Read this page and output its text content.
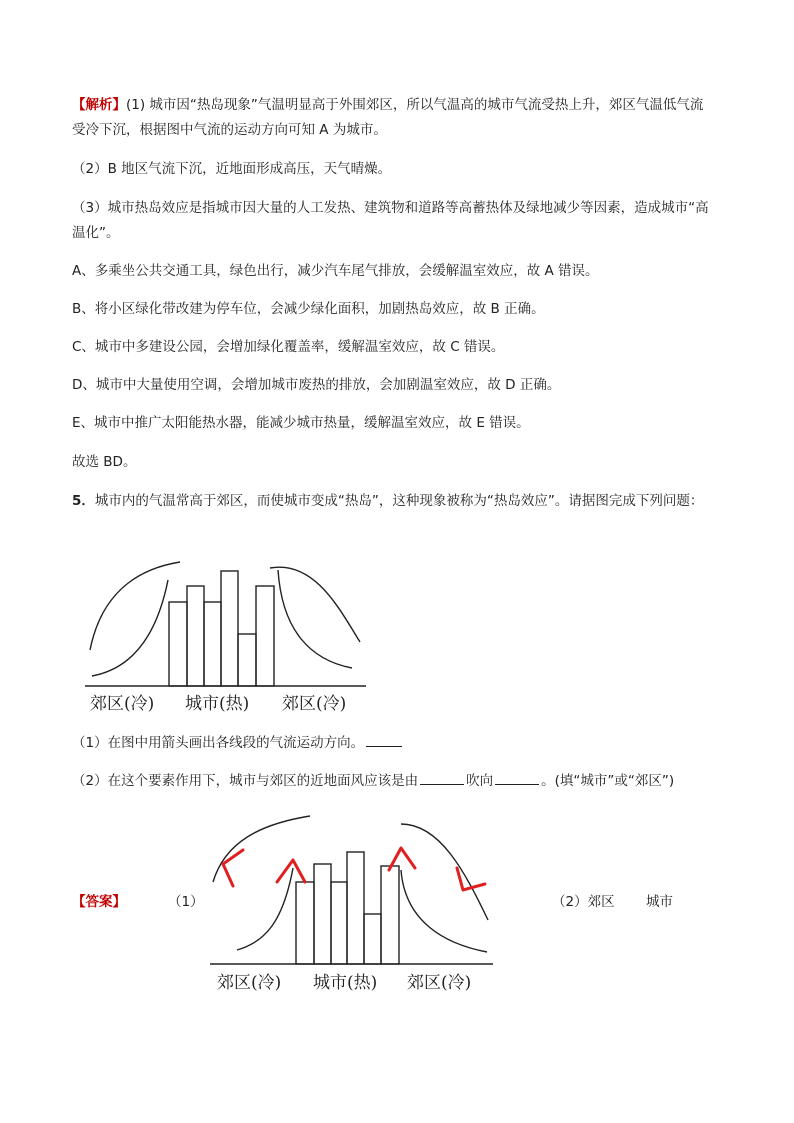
【解析】(1) 城市因“热岛现象”气温明显高于外围郊区，所以气温高的城市气流受热上升，郊区气温低气流
受冷下沉，根据图中气流的运动方向可知 A 为城市。

（2）B 地区气流下沉，近地面形成高压，天气晴燥。

（3）城市热岛效应是指城市因大量的人工发热、建筑物和道路等高蓄热体及绿地减少等因素，造成城市“高
温化”。

A、多乘坐公共交通工具，绿色出行，减少汽车尾气排放，会缓解温室效应，故 A 错误。

B、将小区绿化带改建为停车位，会减少绿化面积，加剧热岛效应，故 B 正确。

C、城市中多建设公园，会增加绿化覆盖率，缓解温室效应，故 C 错误。

D、城市中大量使用空调，会增加城市废热的排放，会加剧温室效应，故 D 正确。

E、城市中推广太阳能热水器，能减少城市热量，缓解温室效应，故 E 错误。

故选 BD。

5．城市内的气温常高于郊区，而使城市变成“热岛”，这种现象被称为“热岛效应”。请据图完成下列问题：

郊区(冷) 城市(热) 郊区(冷)

（1）在图中用箭头画出各线段的气流运动方向。

（2）在这个要素作用下，城市与郊区的近地面风应该是由	吹向	。(填“城市”或“郊区”)

【答案】	（1）
郊区(冷) 城市(热) 郊区(冷)
（2）郊区 城市
